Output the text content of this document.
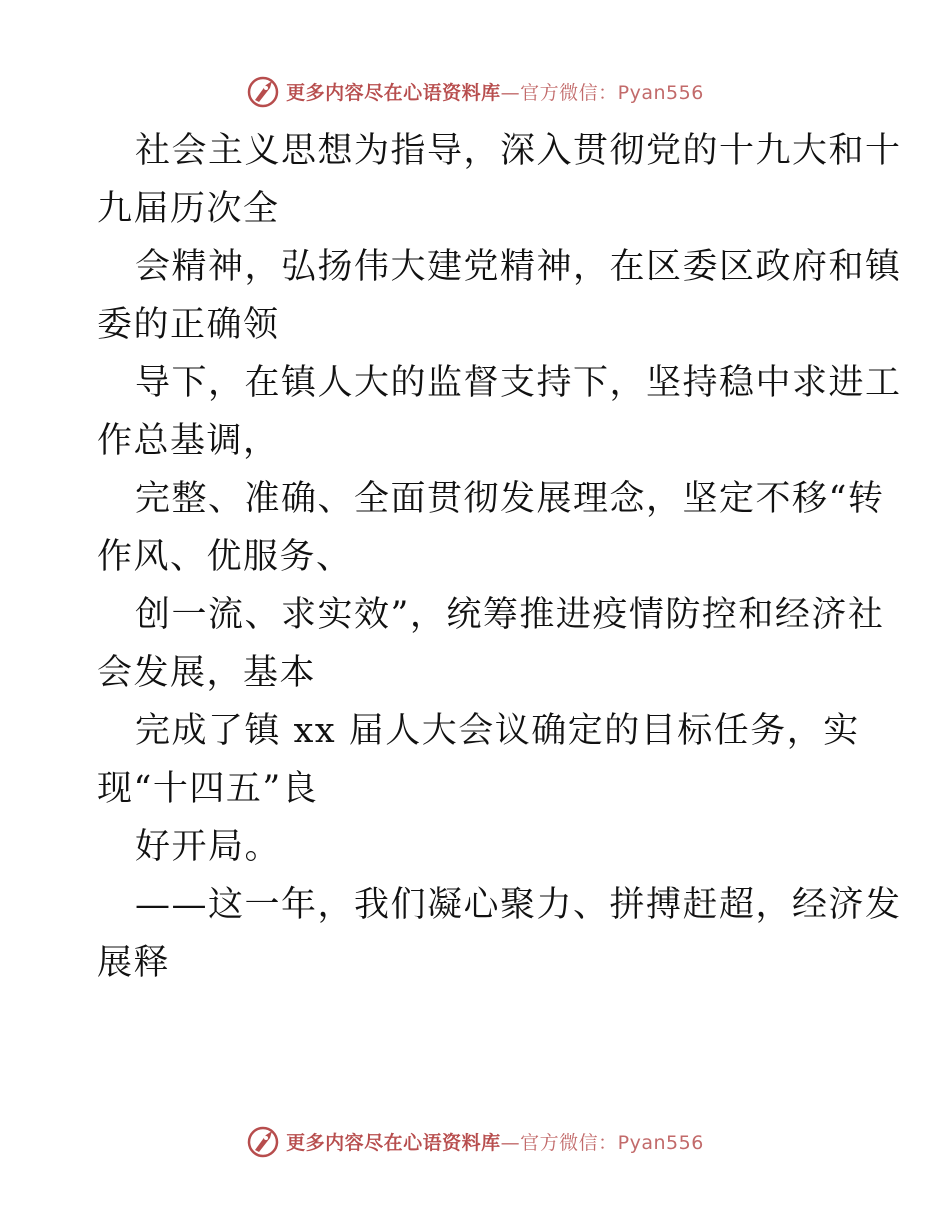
更多内容尽在心语资料库—官方微信：Pyan556
社会主义思想为指导，深入贯彻党的十九大和十
九届历次全
会精神，弘扬伟大建党精神，在区委区政府和镇
委的正确领
导下，在镇人大的监督支持下，坚持稳中求进工
作总基调，
完整、准确、全面贯彻发展理念，坚定不移“转
作风、优服务、
创一流、求实效”，统筹推进疫情防控和经济社
会发展，基本
完成了镇 xx 届人大会议确定的目标任务，实
现“十四五”良
好开局。
——这一年，我们凝心聚力、拼搏赶超，经济发
展释
更多内容尽在心语资料库—官方微信：Pyan556
